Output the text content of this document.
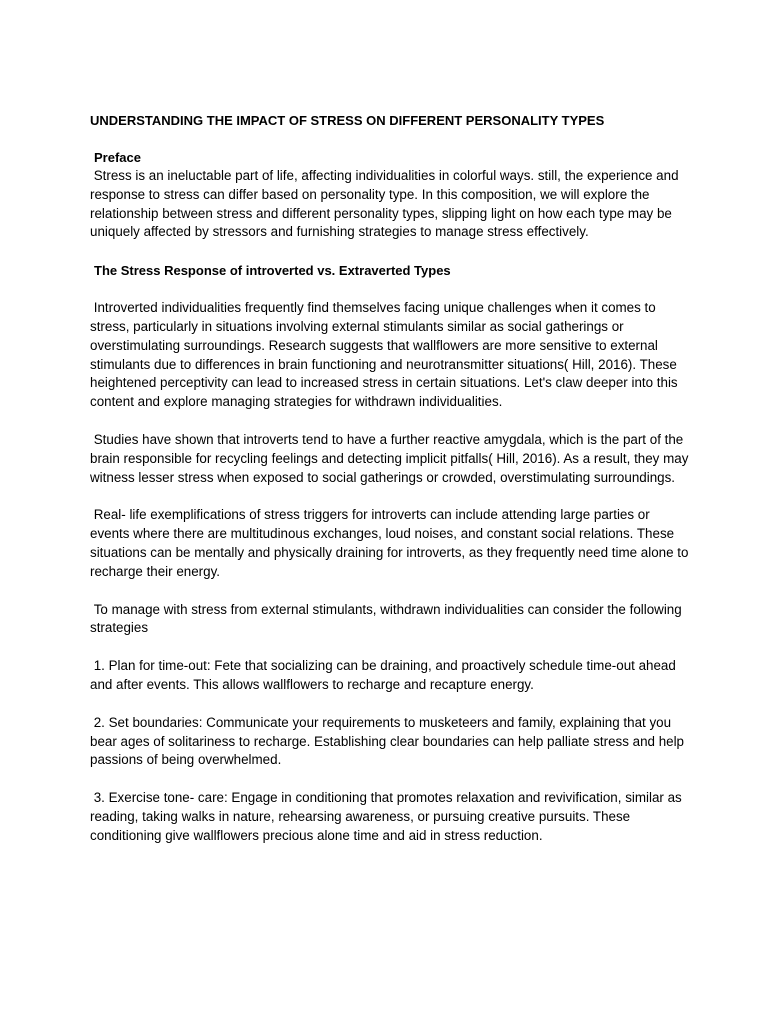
UNDERSTANDING THE IMPACT OF STRESS ON DIFFERENT PERSONALITY TYPES
Preface

Stress is an ineluctable part of life, affecting individualities in colorful ways. still, the experience and response to stress can differ based on personality type. In this composition, we will explore the relationship between stress and different personality types, slipping light on how each type may be uniquely affected by stressors and furnishing strategies to manage stress effectively.

The Stress Response of introverted vs. Extraverted Types

Introverted individualities frequently find themselves facing unique challenges when it comes to stress, particularly in situations involving external stimulants similar as social gatherings or overstimulating surroundings. Research suggests that wallflowers are more sensitive to external stimulants due to differences in brain functioning and neurotransmitter situations( Hill, 2016). These heightened perceptivity can lead to increased stress in certain situations. Let's claw deeper into this content and explore managing strategies for withdrawn individualities.

Studies have shown that introverts tend to have a further reactive amygdala, which is the part of the brain responsible for recycling feelings and detecting implicit pitfalls( Hill, 2016). As a result, they may witness lesser stress when exposed to social gatherings or crowded, overstimulating surroundings.

Real- life exemplifications of stress triggers for introverts can include attending large parties or events where there are multitudinous exchanges, loud noises, and constant social relations. These situations can be mentally and physically draining for introverts, as they frequently need time alone to recharge their energy.

To manage with stress from external stimulants, withdrawn individualities can consider the following strategies

1. Plan for time-out: Fete that socializing can be draining, and proactively schedule time-out ahead and after events. This allows wallflowers to recharge and recapture energy.

2. Set boundaries: Communicate your requirements to musketeers and family, explaining that you bear ages of solitariness to recharge. Establishing clear boundaries can help palliate stress and help passions of being overwhelmed.

3. Exercise tone- care: Engage in conditioning that promotes relaxation and revivification, similar as reading, taking walks in nature, rehearsing awareness, or pursuing creative pursuits. These conditioning give wallflowers precious alone time and aid in stress reduction.
